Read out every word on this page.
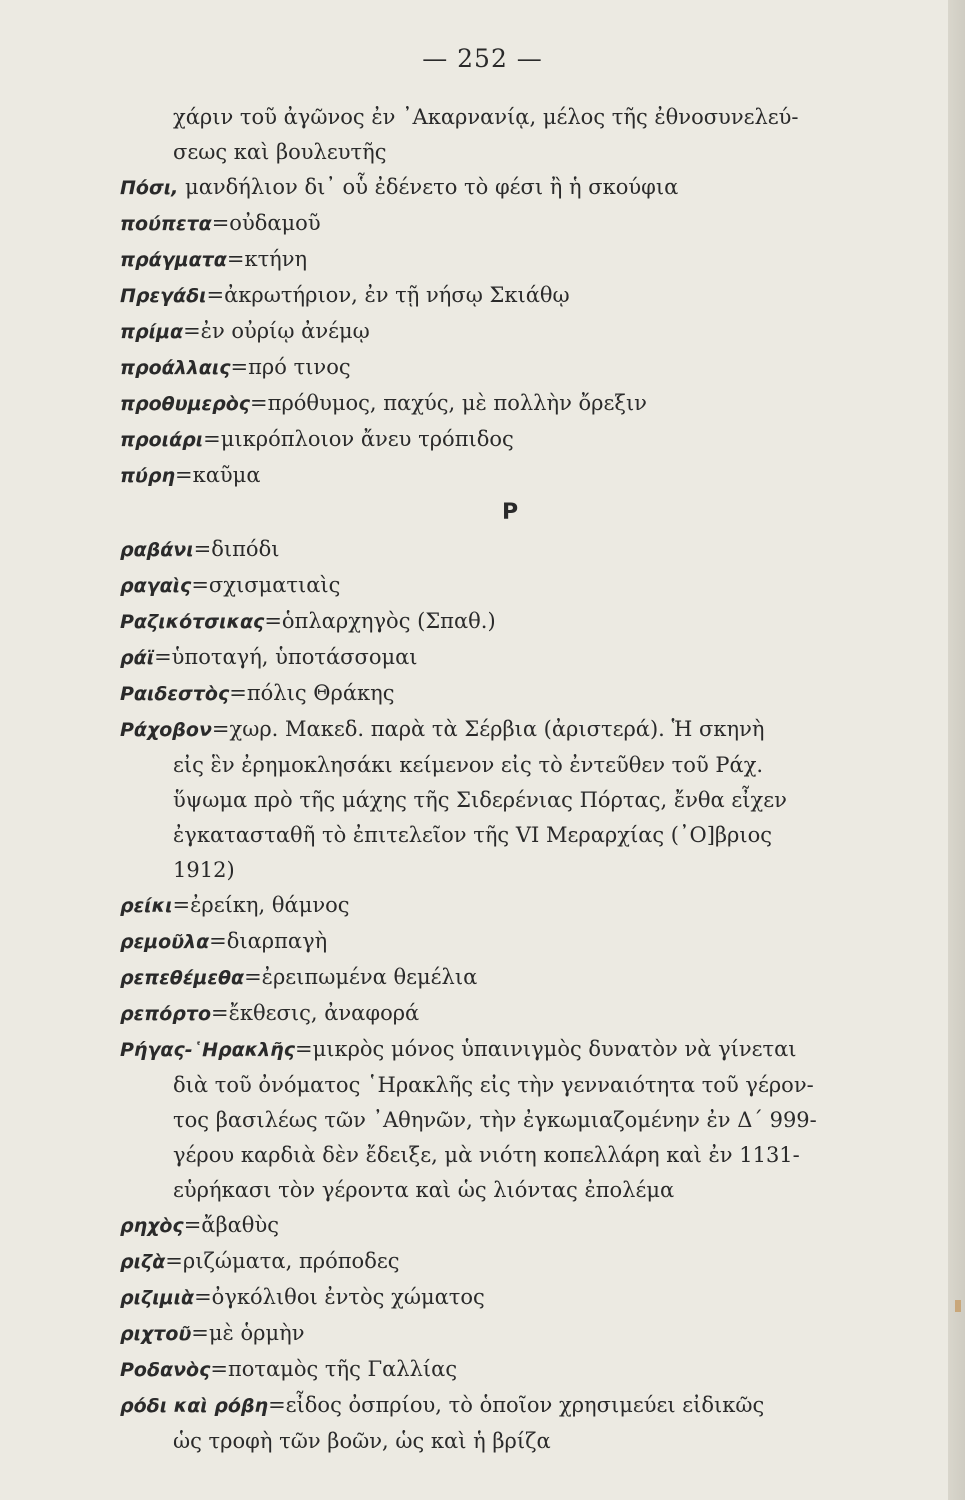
— 252 —

χάριν τοῦ ἀγῶνος ἐν ᾿Ακαρνανίᾳ, μέλος τῆς ἐθνοσυνελεύ-

σεως καὶ βουλευτῆς

Πόσι, μανδήλιον δι᾿ οὗ ἐδένετο τὸ φέσι ἢ ἡ σκούφια

πούπετα=οὐδαμοῦ

πράγματα=κτήνη

Πρεγάδι=ἀκρωτήριον, ἐν τῇ νήσῳ Σκιάθῳ

πρίμα=ἐν οὐρίῳ ἀνέμῳ

προάλλαις=πρό τινος

προθυμερὸς=πρόθυμος, παχύς, μὲ πολλὴν ὄρεξιν

προιάρι=μικρόπλοιον ἄνευ τρόπιδος

πύρη=καῦμα

Ρ

ραβάνι=διπόδι

ραγαὶς=σχισματιαὶς

Ραζικότσικας=ὁπλαρχηγὸς (Σπαθ.)

ράϊ=ὑποταγή, ὑποτάσσομαι

Ραιδεστὸς=πόλις Θράκης

Ράχοβον=χωρ. Μακεδ. παρὰ τὰ Σέρβια (ἀριστερά). Ἡ σκηνὴ

εἰς ἓν ἐρημοκλησάκι κείμενον εἰς τὸ ἐντεῦθεν τοῦ Ράχ.

ὕψωμα πρὸ τῆς μάχης τῆς Σιδερένιας Πόρτας, ἔνθα εἶχεν

ἐγκατασταθῆ τὸ ἐπιτελεῖον τῆς VI Μεραρχίας (᾿Ο]βριος

1912)

ρείκι=ἐρείκη, θάμνος

ρεμοῦλα=διαρπαγὴ

ρεπεθέμεθα=ἐρειπωμένα θεμέλια

ρεπόρτο=ἔκθεσις, ἀναφορά

Ρήγας-῾Ηρακλῆς=μικρὸς μόνος ὑπαινιγμὸς δυνατὸν νὰ γίνεται

διὰ τοῦ ὀνόματος ῾Ηρακλῆς εἰς τὴν γενναιότητα τοῦ γέρον-

τος βασιλέως τῶν ᾿Αθηνῶν, τὴν ἐγκωμιαζομένην ἐν Δ΄ 999-

γέρου καρδιὰ δὲν ἔδειξε, μὰ νιότη κοπελλάρη καὶ ἐν 1131-

εὑρήκασι τὸν γέροντα καὶ ὡς λιόντας ἐπολέμα

ρηχὸς=ἄβαθὺς

ριζὰ=ριζώματα, πρόποδες

ριζιμιὰ=ὀγκόλιθοι ἐντὸς χώματος

ριχτοῦ=μὲ ὁρμὴν

Ροδανὸς=ποταμὸς τῆς Γαλλίας

ρόδι καὶ ρόβη=εἶδος ὀσπρίου, τὸ ὁποῖον χρησιμεύει εἰδικῶς

ὡς τροφὴ τῶν βοῶν, ὡς καὶ ἡ βρίζα
